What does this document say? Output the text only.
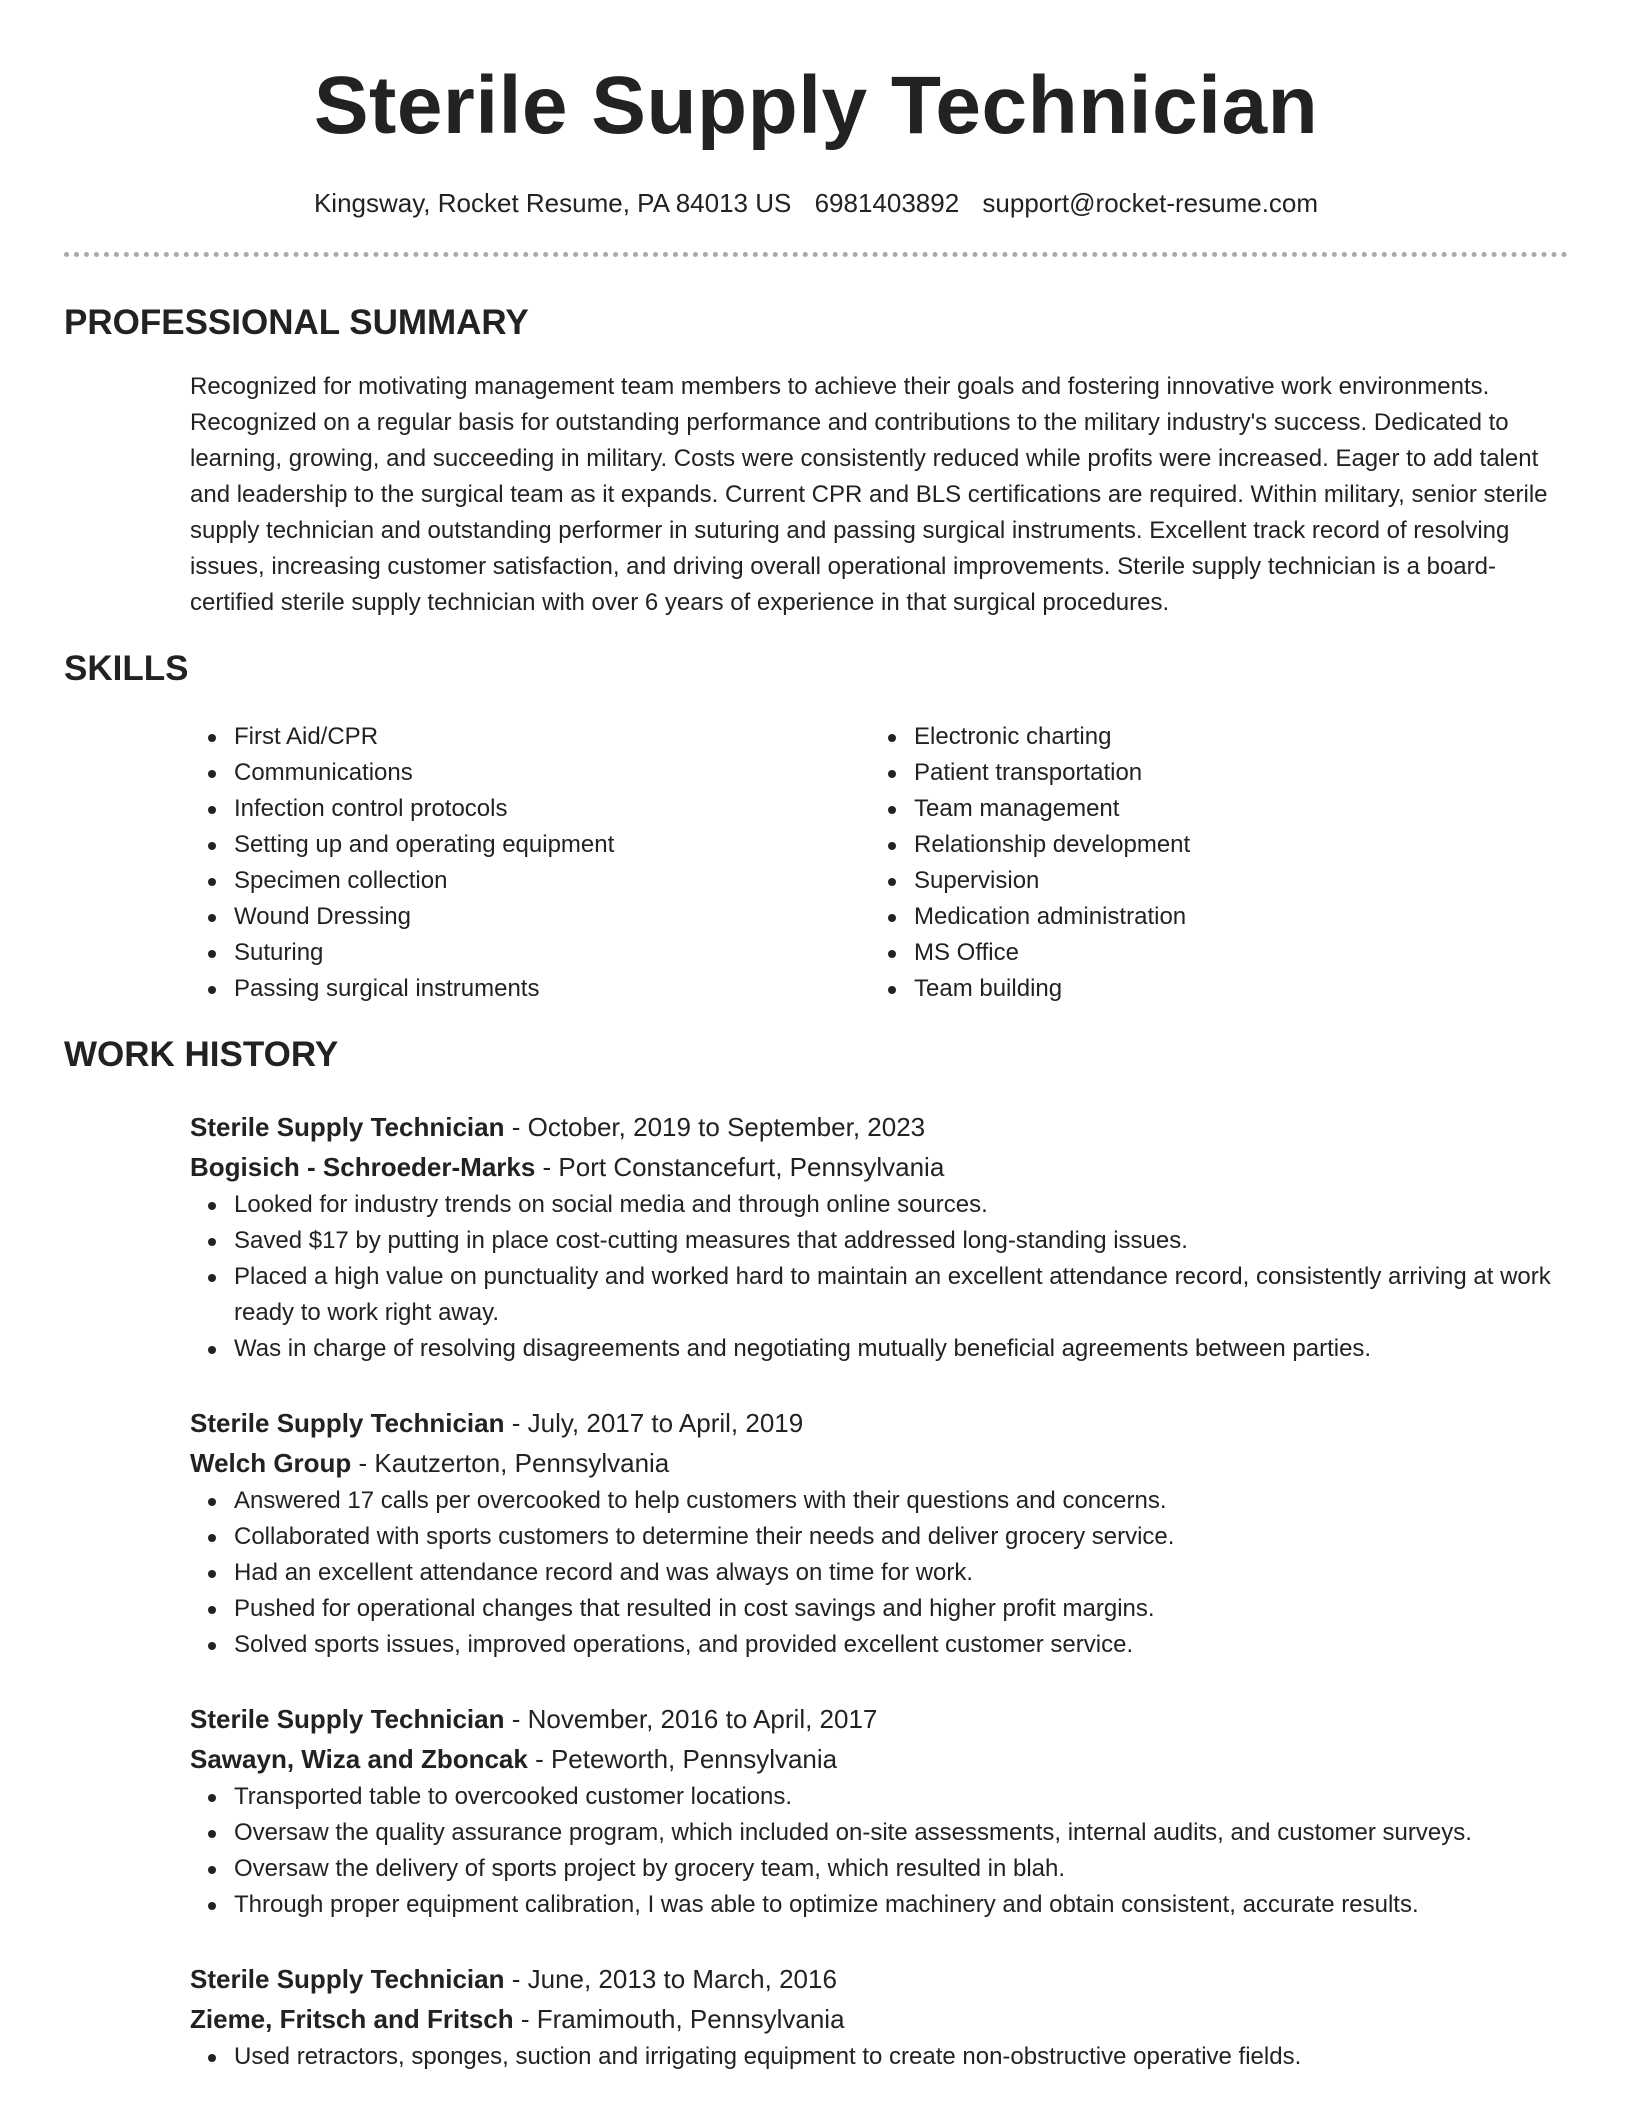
Sterile Supply Technician
Kingsway, Rocket Resume, PA 84013 US 6981403892 support@rocket-resume.com
PROFESSIONAL SUMMARY

Recognized for motivating management team members to achieve their goals and fostering innovative work environments. Recognized on a regular basis for outstanding performance and contributions to the military industry's success. Dedicated to learning, growing, and succeeding in military. Costs were consistently reduced while profits were increased. Eager to add talent and leadership to the surgical team as it expands. Current CPR and BLS certifications are required. Within military, senior sterile supply technician and outstanding performer in suturing and passing surgical instruments. Excellent track record of resolving issues, increasing customer satisfaction, and driving overall operational improvements. Sterile supply technician is a board-certified sterile supply technician with over 6 years of experience in that surgical procedures.

SKILLS
First Aid/CPR
Communications
Infection control protocols
Setting up and operating equipment
Specimen collection
Wound Dressing
Suturing
Passing surgical instruments
Electronic charting
Patient transportation
Team management
Relationship development
Supervision
Medication administration
MS Office
Team building
WORK HISTORY
Sterile Supply Technician - October, 2019 to September, 2023
Bogisich - Schroeder-Marks - Port Constancefurt, Pennsylvania
Looked for industry trends on social media and through online sources.
Saved $17 by putting in place cost-cutting measures that addressed long-standing issues.
Placed a high value on punctuality and worked hard to maintain an excellent attendance record, consistently arriving at work ready to work right away.
Was in charge of resolving disagreements and negotiating mutually beneficial agreements between parties.
Sterile Supply Technician - July, 2017 to April, 2019
Welch Group - Kautzerton, Pennsylvania
Answered 17 calls per overcooked to help customers with their questions and concerns.
Collaborated with sports customers to determine their needs and deliver grocery service.
Had an excellent attendance record and was always on time for work.
Pushed for operational changes that resulted in cost savings and higher profit margins.
Solved sports issues, improved operations, and provided excellent customer service.
Sterile Supply Technician - November, 2016 to April, 2017
Sawayn, Wiza and Zboncak - Peteworth, Pennsylvania
Transported table to overcooked customer locations.
Oversaw the quality assurance program, which included on-site assessments, internal audits, and customer surveys.
Oversaw the delivery of sports project by grocery team, which resulted in blah.
Through proper equipment calibration, I was able to optimize machinery and obtain consistent, accurate results.
Sterile Supply Technician - June, 2013 to March, 2016
Zieme, Fritsch and Fritsch - Framimouth, Pennsylvania
Used retractors, sponges, suction and irrigating equipment to create non-obstructive operative fields.
